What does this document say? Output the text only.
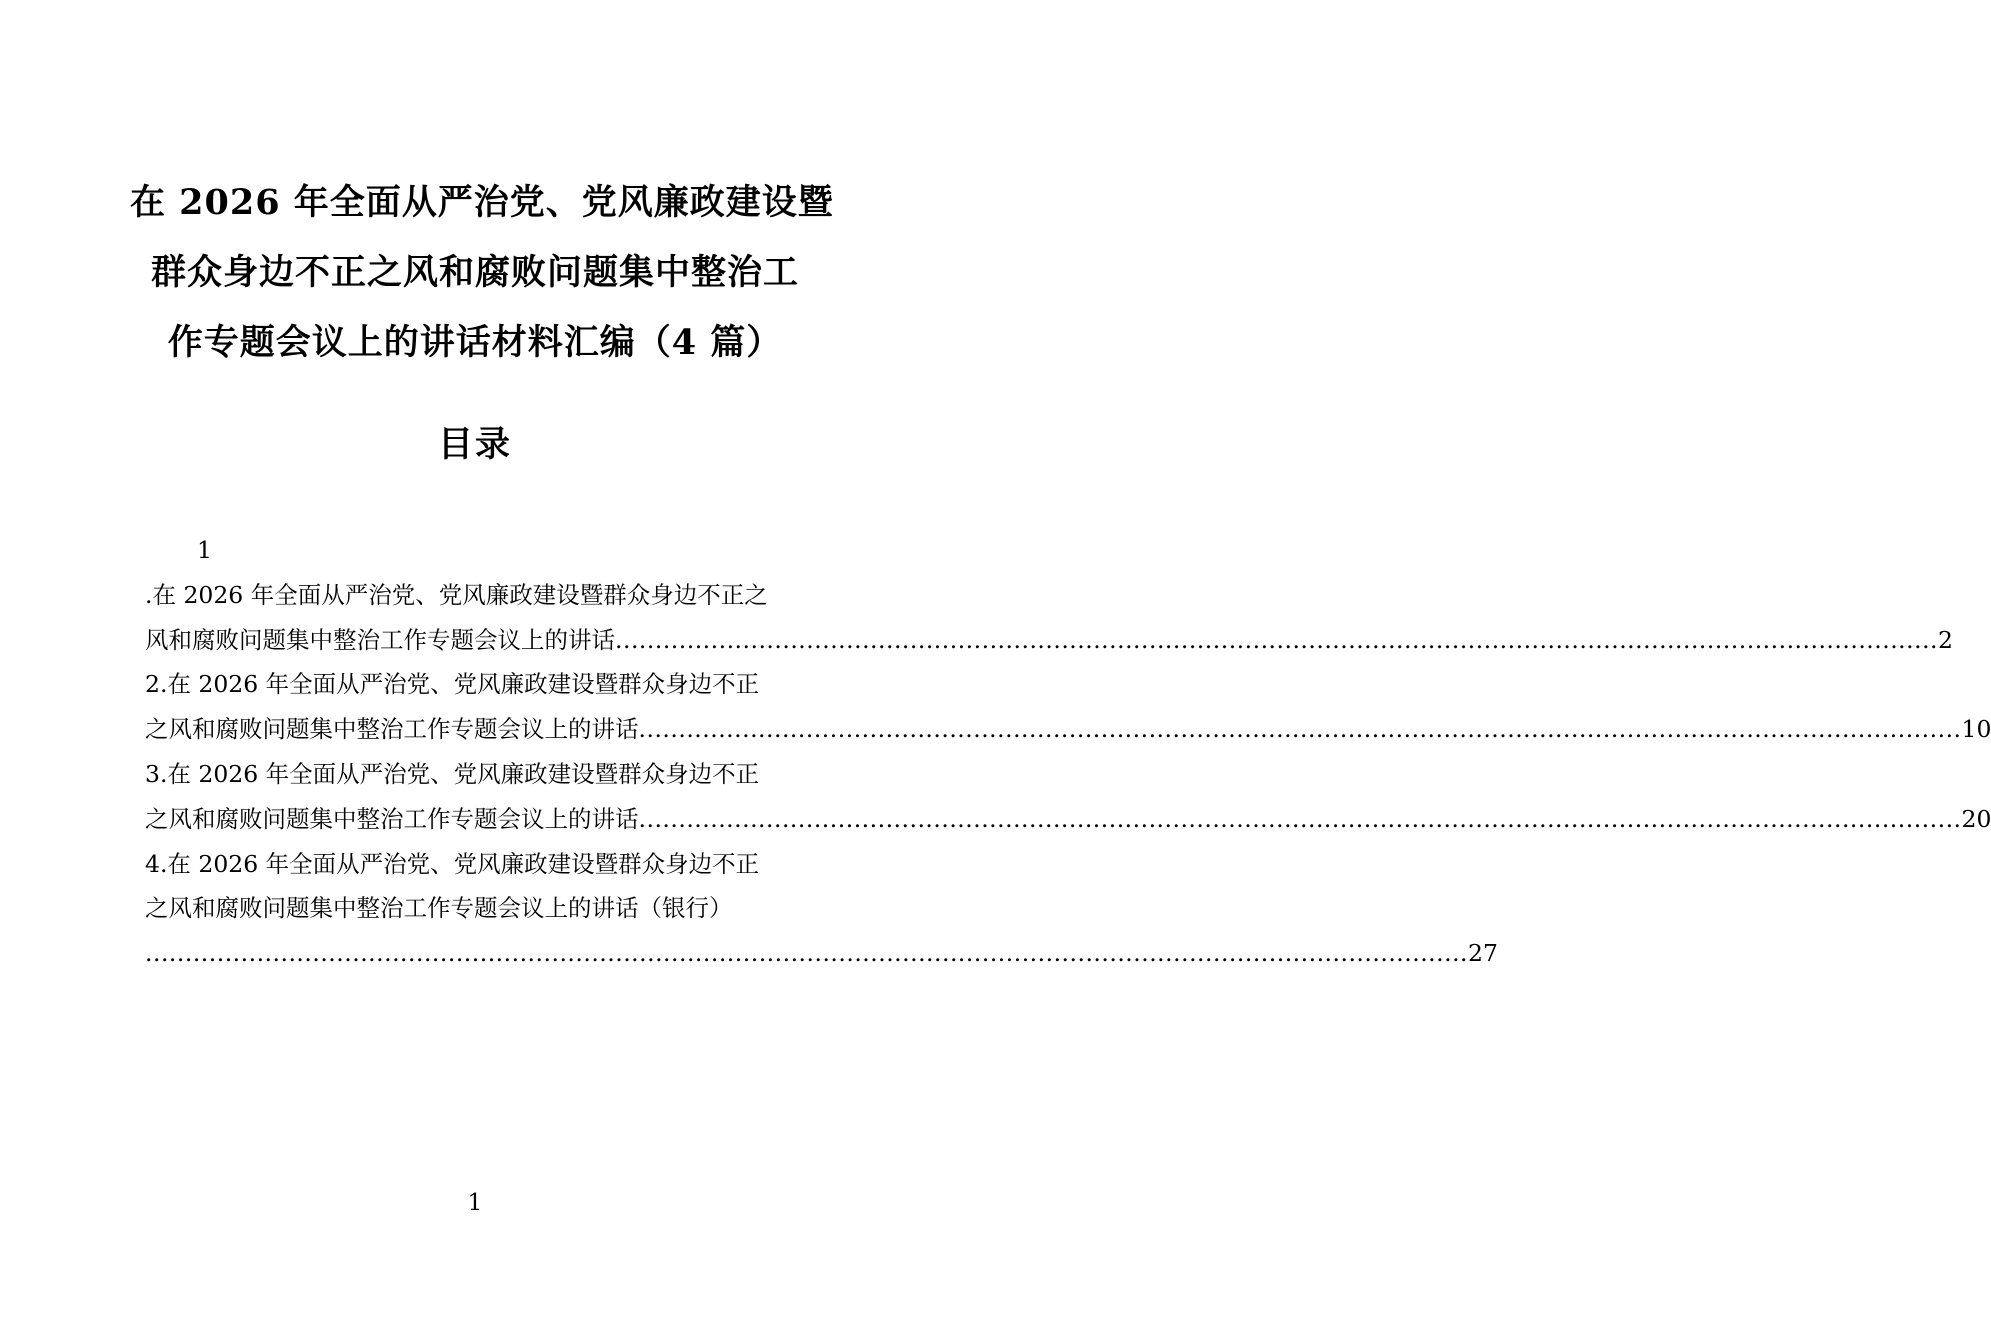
在 2026 年全面从严治党、党风廉政建设暨
群众身边不正之风和腐败问题集中整治工
作专题会议上的讲话材料汇编（4 篇）
目录
1
.在 2026 年全面从严治党、党风廉政建设暨群众身边不正之
风和腐败问题集中整治工作专题会议上的讲话 ...................................................................................................................................................................... 2
2.在 2026 年全面从严治党、党风廉政建设暨群众身边不正
之风和腐败问题集中整治工作专题会议上的讲话 ...................................................................................................................................................................... 10
3.在 2026 年全面从严治党、党风廉政建设暨群众身边不正
之风和腐败问题集中整治工作专题会议上的讲话 ...................................................................................................................................................................... 20
4.在 2026 年全面从严治党、党风廉政建设暨群众身边不正
之风和腐败问题集中整治工作专题会议上的讲话（银行）
...................................................................................................................................................................... 27
1
